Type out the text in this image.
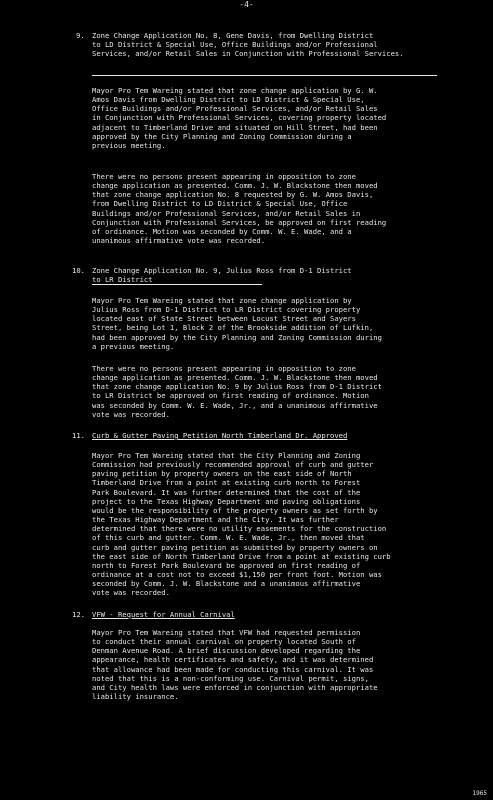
-4-
9. Zone Change Application No. 8, Gene Davis, from Dwelling District
to LD District & Special Use, Office Buildings and/or Professional
Services, and/or Retail Sales in Conjunction with Professional Services.

Mayor Pro Tem Wareing stated that zone change application by G. W.
Amos Davis from Dwelling District to LD District & Special Use,
Office Buildings and/or Professional Services, and/or Retail Sales
in Conjunction with Professional Services, covering property located
adjacent to Timberland Drive and situated on Hill Street, had been
approved by the City Planning and Zoning Commission during a
previous meeting.

There were no persons present appearing in opposition to zone
change application as presented. Comm. J. W. Blackstone then moved
that zone change application No. 8 requested by G. W. Amos Davis,
from Dwelling District to LD District & Special Use, Office
Buildings and/or Professional Services, and/or Retail Sales in
Conjunction with Professional Services, be approved on first reading
of ordinance. Motion was seconded by Comm. W. E. Wade, and a
unanimous affirmative vote was recorded.

10. Zone Change Application No. 9, Julius Ross from D-1 District
to LR District

Mayor Pro Tem Wareing stated that zone change application by
Julius Ross from D-1 District to LR District covering property
located east of State Street between Locust Street and Sayers
Street, being Lot 1, Block 2 of the Brookside addition of Lufkin,
had been approved by the City Planning and Zoning Commission during
a previous meeting.

There were no persons present appearing in opposition to zone
change application as presented. Comm. J. W. Blackstone then moved
that zone change application No. 9 by Julius Ross from D-1 District
to LR District be approved on first reading of ordinance. Motion
was seconded by Comm. W. E. Wade, Jr., and a unanimous affirmative
vote was recorded.

11. Curb & Gutter Paving Petition North Timberland Dr. Approved

Mayor Pro Tem Wareing stated that the City Planning and Zoning
Commission had previously recommended approval of curb and gutter
paving petition by property owners on the east side of North
Timberland Drive from a point at existing curb north to Forest
Park Boulevard. It was further determined that the cost of the
project to the Texas Highway Department and paving obligations
would be the responsibility of the property owners as set forth by
the Texas Highway Department and the City. It was further
determined that there were no utility easements for the construction
of this curb and gutter. Comm. W. E. Wade, Jr., then moved that
curb and gutter paving petition as submitted by property owners on
the east side of North Timberland Drive from a point at existing curb
north to Forest Park Boulevard be approved on first reading of
ordinance at a cost not to exceed $1,150 per front foot. Motion was
seconded by Comm. J. W. Blackstone and a unanimous affirmative
vote was recorded.

12. VFW - Request for Annual Carnival

Mayor Pro Tem Wareing stated that VFW had requested permission
to conduct their annual carnival on property located South of
Denman Avenue Road. A brief discussion developed regarding the
appearance, health certificates and safety, and it was determined
that allowance had been made for conducting this carnival. It was
noted that this is a non-conforming use. Carnival permit, signs,
and City health laws were enforced in conjunction with appropriate
liability insurance.

1965
